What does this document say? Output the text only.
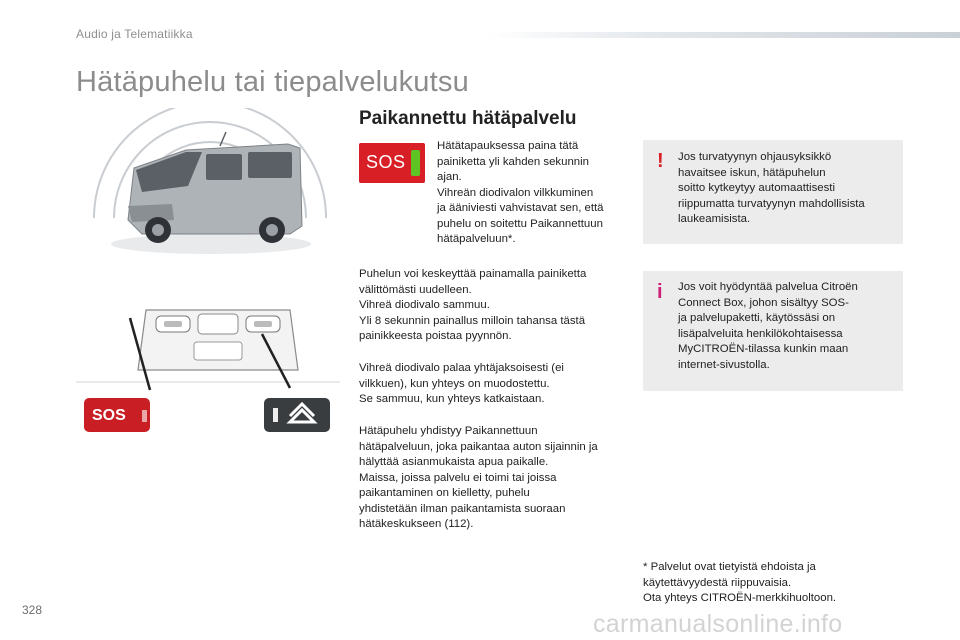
Audio ja Telematiikka
Hätäpuhelu tai tiepalvelukutsu
SOS
Paikannettu hätäpalvelu
SOS

Hätätapauksessa paina tätä
painiketta yli kahden sekunnin
ajan.
Vihreän diodivalon vilkkuminen
ja ääniviesti vahvistavat sen, että
puhelu on soitettu Paikannettuun
hätäpalveluun*.

Puhelun voi keskeyttää painamalla painiketta
välittömästi uudelleen.
Vihreä diodivalo sammuu.
Yli 8 sekunnin painallus milloin tahansa tästä
painikkeesta poistaa pyynnön.

Vihreä diodivalo palaa yhtäjaksoisesti (ei
vilkkuen), kun yhteys on muodostettu.
Se sammuu, kun yhteys katkaistaan.

Hätäpuhelu yhdistyy Paikannettuun
hätäpalveluun, joka paikantaa auton sijainnin ja
hälyttää asianmukaista apua paikalle.
Maissa, joissa palvelu ei toimi tai joissa
paikantaminen on kielletty, puhelu
yhdistetään ilman paikantamista suoraan
hätäkeskukseen (112).

! Jos turvatyynyn ohjausyksikkö
havaitsee iskun, hätäpuhelun
soitto kytkeytyy automaattisesti
riippumatta turvatyynyn mahdollisista
laukeamisista.

i Jos voit hyödyntää palvelua Citroën
Connect Box, johon sisältyy SOS-
ja palvelupaketti, käytössäsi on
lisäpalveluita henkilökohtaisessa
MyCITROËN-tilassa kunkin maan
internet-sivustolla.

* Palvelut ovat tietyistä ehdoista ja
käytettävyydestä riippuvaisia.
Ota yhteys CITROËN-merkkihuoltoon.

328	carmanualsonline.info
